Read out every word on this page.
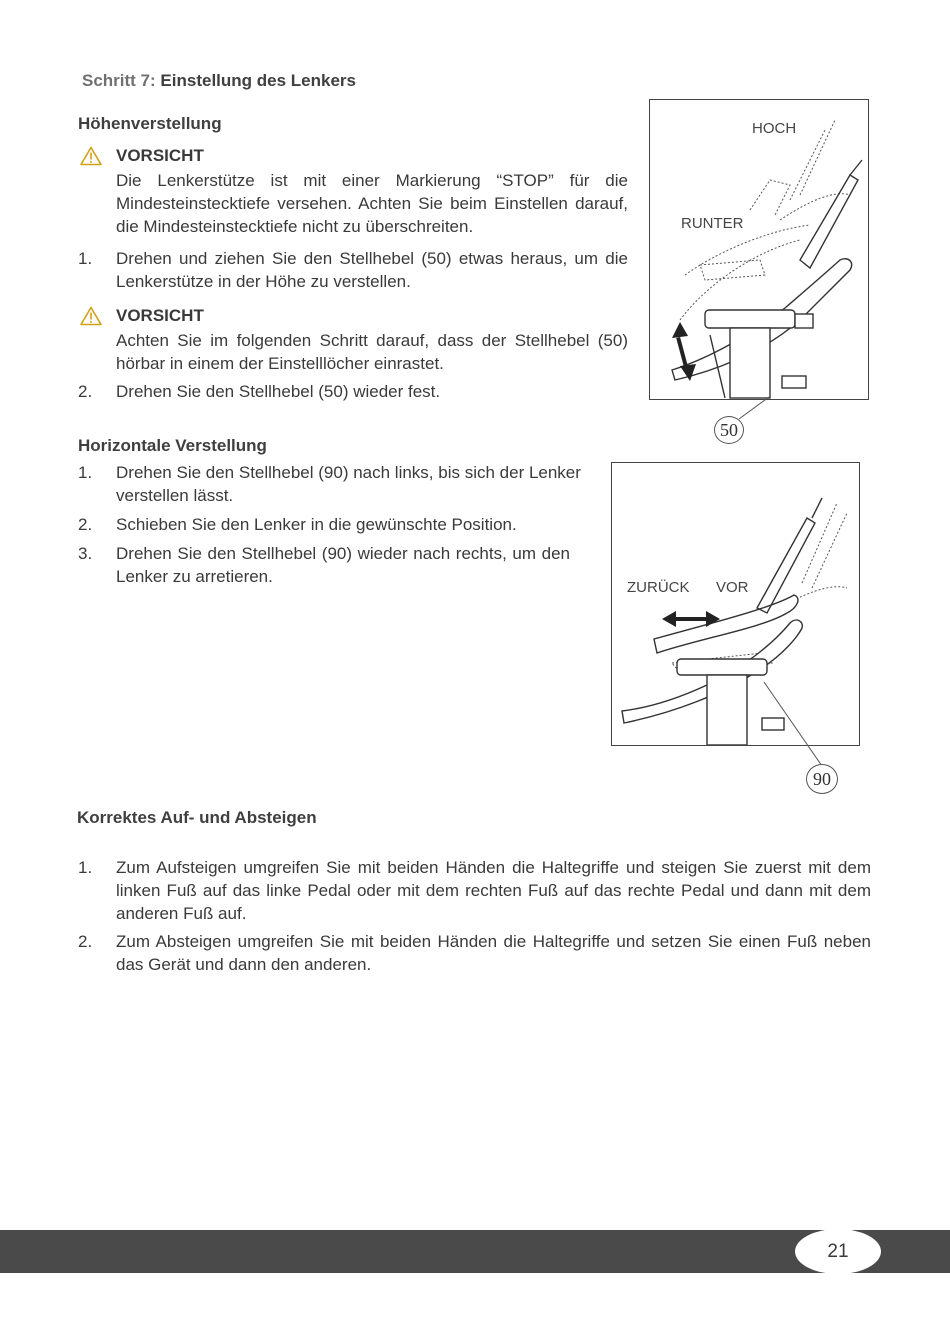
Schritt 7: Einstellung des Lenkers
Höhenverstellung
VORSICHT
Die Lenkerstütze ist mit einer Markierung “STOP” für die Mindesteinstecktiefe versehen. Achten Sie beim Einstellen darauf, die Mindesteinstecktiefe nicht zu überschreiten.
1. Drehen und ziehen Sie den Stellhebel (50) etwas heraus, um die Lenkerstütze in der Höhe zu verstellen.
VORSICHT
Achten Sie im folgenden Schritt darauf, dass der Stellhebel (50) hörbar in einem der Einstelllöcher einrastet.
2. Drehen Sie den Stellhebel (50) wieder fest.
Horizontale Verstellung
1. Drehen Sie den Stellhebel (90) nach links, bis sich der Lenker verstellen lässt.
2. Schieben Sie den Lenker in die gewünschte Position.
3. Drehen Sie den Stellhebel (90) wieder nach rechts, um den Lenker zu arretieren.
HOCH
RUNTER
50
ZURÜCK VOR
90
Korrektes Auf- und Absteigen
1. Zum Aufsteigen umgreifen Sie mit beiden Händen die Haltegriffe und steigen Sie zuerst mit dem linken Fuß auf das linke Pedal oder mit dem rechten Fuß auf das rechte Pedal und dann mit dem anderen Fuß auf.
2. Zum Absteigen umgreifen Sie mit beiden Händen die Haltegriffe und setzen Sie einen Fuß neben das Gerät und dann den anderen.
21
